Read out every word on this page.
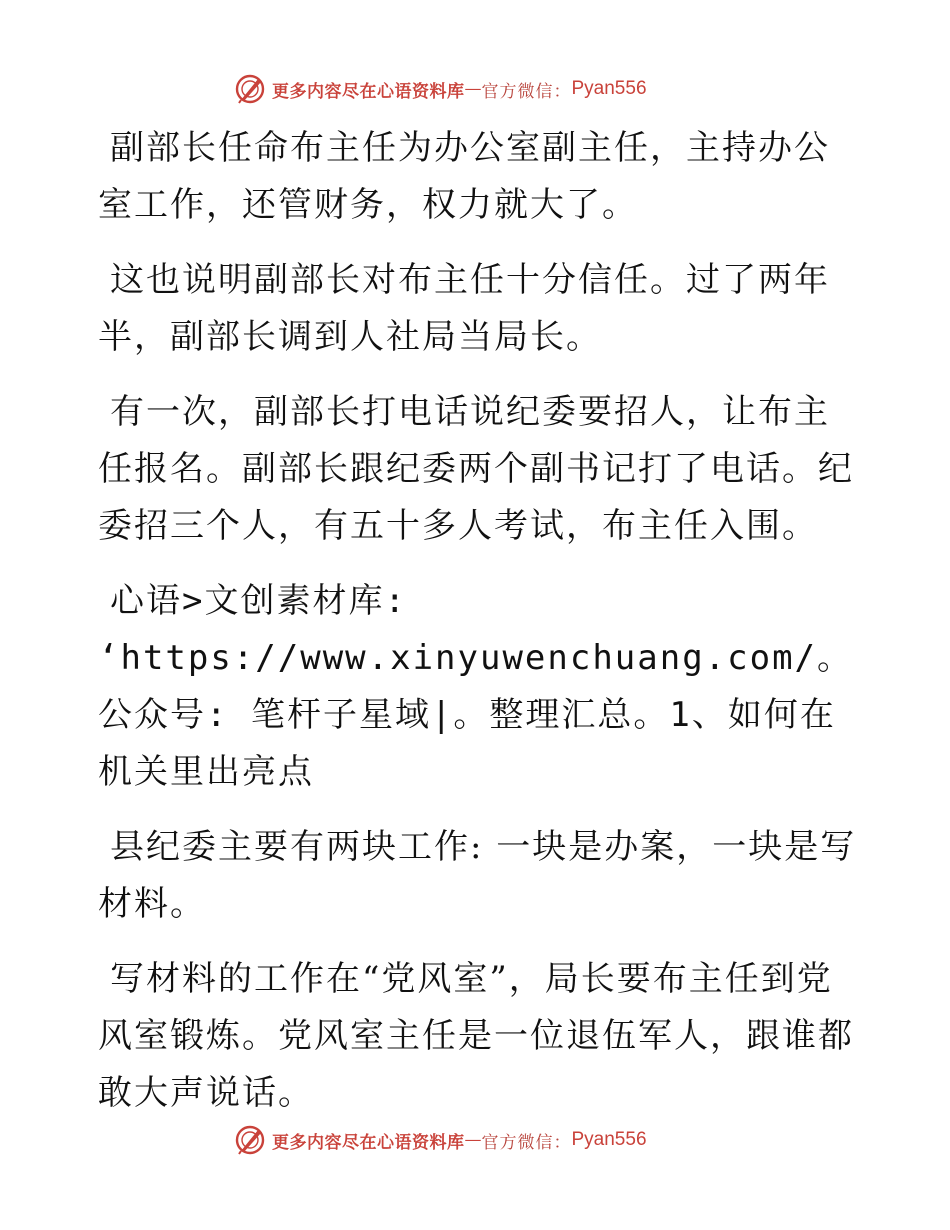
更多内容尽在心语资料库 — 官方微信： Pyan556

副部长任命布主任为办公室副主任，主持办公室工作，还管财务，权力就大了。

这也说明副部长对布主任十分信任。过了两年半，副部长调到人社局当局长。

有一次，副部长打电话说纪委要招人，让布主任报名。副部长跟纪委两个副书记打了电话。纪委招三个人，有五十多人考试，布主任入围。

心语>文创素材库: ‘https://www.xinyuwenchuang.com/。公众号: 笔杆子星域|。整理汇总。1、如何在机关里出亮点

县纪委主要有两块工作: 一块是办案，一块是写材料。

写材料的工作在“党风室”，局长要布主任到党风室锻炼。党风室主任是一位退伍军人，跟谁都敢大声说话。

更多内容尽在心语资料库 — 官方微信： Pyan556
